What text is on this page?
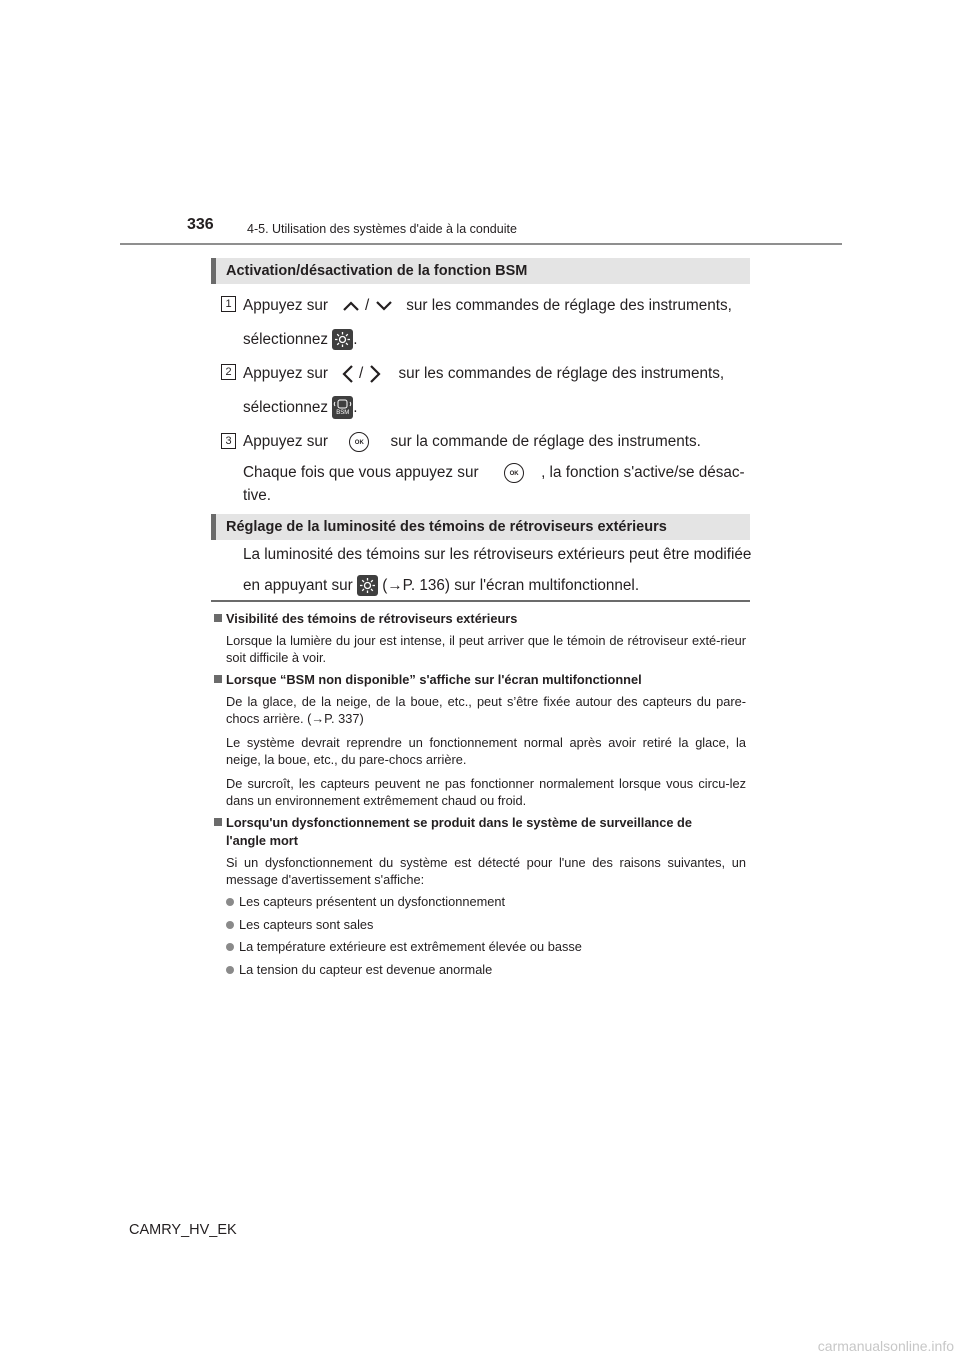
336	4-5. Utilisation des systèmes d'aide à la conduite
Activation/désactivation de la fonction BSM
1 Appuyez sur / sur les commandes de réglage des instruments,
sélectionnez .
2 Appuyez sur / sur les commandes de réglage des instruments,
sélectionnez BSM .
3 Appuyez sur	OK sur la commande de réglage des instruments.
Chaque fois que vous appuyez sur	OK , la fonction s'active/se désac-
tive.
Réglage de la luminosité des témoins de rétroviseurs extérieurs
La luminosité des témoins sur les rétroviseurs extérieurs peut être modifiée
en appuyant sur (→P. 136) sur l'écran multifonctionnel.
Visibilité des témoins de rétroviseurs extérieurs
Lorsque la lumière du jour est intense, il peut arriver que le témoin de rétroviseur exté-rieur soit difficile à voir.
Lorsque “BSM non disponible” s'affiche sur l'écran multifonctionnel
De la glace, de la neige, de la boue, etc., peut s’être fixée autour des capteurs du pare-chocs arrière. (→P. 337)
Le système devrait reprendre un fonctionnement normal après avoir retiré la glace, la neige, la boue, etc., du pare-chocs arrière.
De surcroît, les capteurs peuvent ne pas fonctionner normalement lorsque vous circu-lez dans un environnement extrêmement chaud ou froid.
Lorsqu'un dysfonctionnement se produit dans le système de surveillance de
l'angle mort
Si un dysfonctionnement du système est détecté pour l'une des raisons suivantes, un message d'avertissement s'affiche:
Les capteurs présentent un dysfonctionnement
Les capteurs sont sales
La température extérieure est extrêmement élevée ou basse
La tension du capteur est devenue anormale
CAMRY_HV_EK
carmanualsonline.info
